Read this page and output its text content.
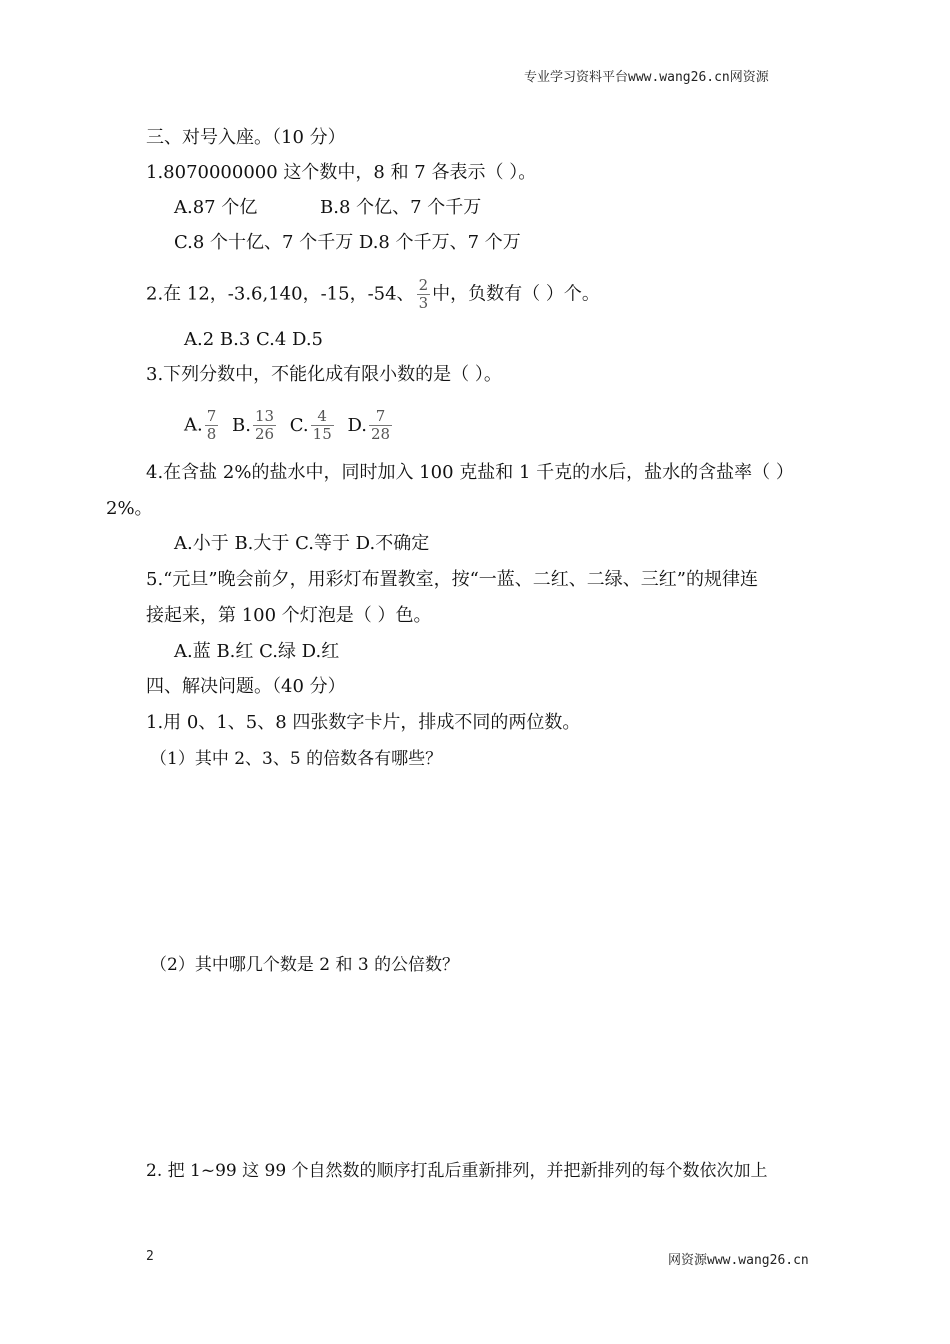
专业学习资料平台www.wang26.cn网资源
三、对号入座。（10 分）
1.8070000000 这个数中，8 和 7 各表示（ ）。
A.87 个亿	B.8 个亿、7 个千万
C.8 个十亿、7 个千万 D.8 个千万、7 个万
2.在 12，-3.6,140，-15，-54、 $\frac{2}{3}$ 中，负数有（ ）个。
A.2 B.3 C.4 D.5
3.下列分数中，不能化成有限小数的是（ ）。
A. $\frac{7}{8} B$. $\frac{13}{26} C$. $\frac{4}{15} D$. $\frac{7}{28}$
4.在含盐 2%的盐水中，同时加入 100 克盐和 1 千克的水后，盐水的含盐率（ ）
2%。
A.小于 B.大于 C.等于 D.不确定
5.“元旦”晚会前夕，用彩灯布置教室，按“一蓝、二红、二绿、三红”的规律连
接起来，第 100 个灯泡是（ ）色。
A.蓝 B.红 C.绿 D.红
四、解决问题。（40 分）
1.用 0、1、5、8 四张数字卡片，排成不同的两位数。
（1）其中 2、3、5 的倍数各有哪些？
（2）其中哪几个数是 2 和 3 的公倍数？
2. 把 1~99 这 99 个自然数的顺序打乱后重新排列，并把新排列的每个数依次加上
2	网资源www.wang26.cn
